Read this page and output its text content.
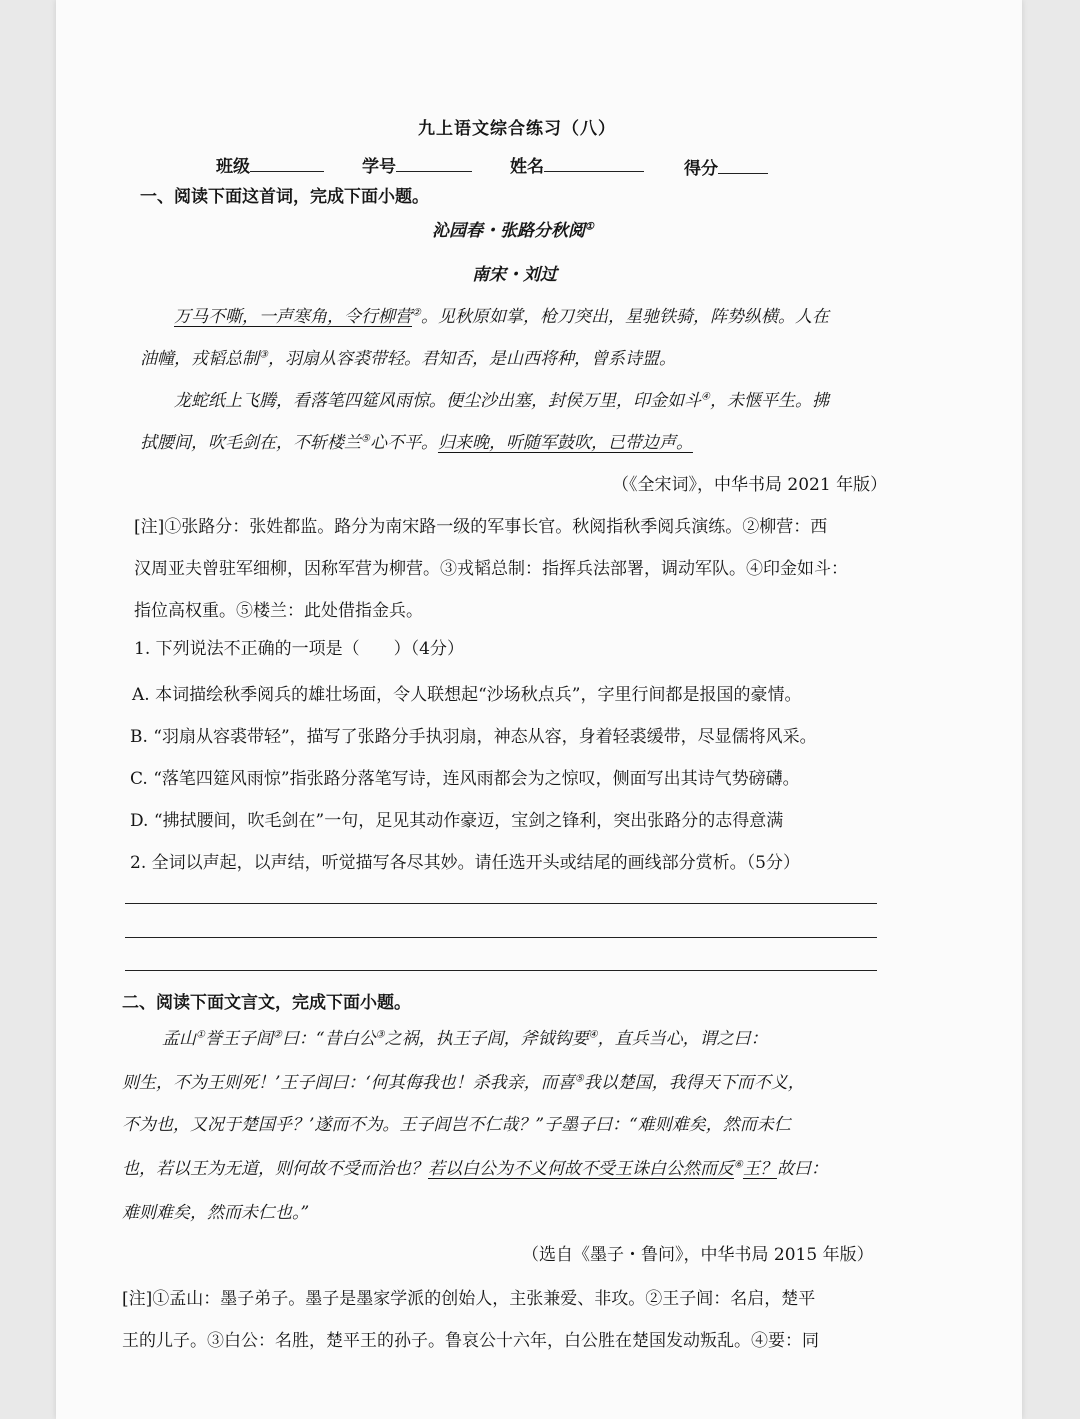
九上语文综合练习（八）
班级	学号	姓名	得分
一、阅读下面这首词，完成下面小题。
沁园春・张路分秋阅①
南宋・刘过
万马不嘶，一声寒角，令行柳营②。见秋原如掌，枪刀突出，星驰铁骑，阵势纵横。人在
油幢，戎韬总制③，羽扇从容裘带轻。君知否，是山西将种，曾系诗盟。
龙蛇纸上飞腾，看落笔四筵风雨惊。便尘沙出塞，封侯万里，印金如斗④，未惬平生。拂
拭腰间，吹毛剑在，不斩楼兰⑤心不平。归来晚，听随军鼓吹，已带边声。
（《全宋词》，中华书局 2021 年版）
[注]①张路分：张姓都监。路分为南宋路一级的军事长官。秋阅指秋季阅兵演练。②柳营：西
汉周亚夫曾驻军细柳，因称军营为柳营。③戎韬总制：指挥兵法部署，调动军队。④印金如斗：
指位高权重。⑤楼兰：此处借指金兵。
1. 下列说法不正确的一项是（　　）（4分）
A. 本词描绘秋季阅兵的雄壮场面，令人联想起“沙场秋点兵”，字里行间都是报国的豪情。
B. “羽扇从容裘带轻”，描写了张路分手执羽扇，神态从容，身着轻裘缓带，尽显儒将风采。
C. “落笔四筵风雨惊”指张路分落笔写诗，连风雨都会为之惊叹，侧面写出其诗气势磅礴。
D. “拂拭腰间，吹毛剑在”一句，足见其动作豪迈，宝剑之锋利，突出张路分的志得意满
2. 全词以声起，以声结，听觉描写各尽其妙。请任选开头或结尾的画线部分赏析。（5分）
二、阅读下面文言文，完成下面小题。
孟山①誉王子闾②曰：“昔白公③之祸，执王子闾，斧钺钩要④，直兵当心，谓之曰：
则生，不为王则死！’王子闾曰：‘何其侮我也！杀我亲，而喜⑤我以楚国，我得天下而不义，
不为也，又况于楚国乎？’遂而不为。王子闾岂不仁哉？”子墨子曰：“难则难矣，然而未仁
也，若以王为无道，则何故不受而治也？若以白公为不义何故不受王诛白公然而反⑥王？故曰：
难则难矣，然而未仁也。”
（选自《墨子・鲁问》，中华书局 2015 年版）
[注]①孟山：墨子弟子。墨子是墨家学派的创始人，主张兼爱、非攻。②王子闾：名启，楚平
王的儿子。③白公：名胜，楚平王的孙子。鲁哀公十六年，白公胜在楚国发动叛乱。④要：同
